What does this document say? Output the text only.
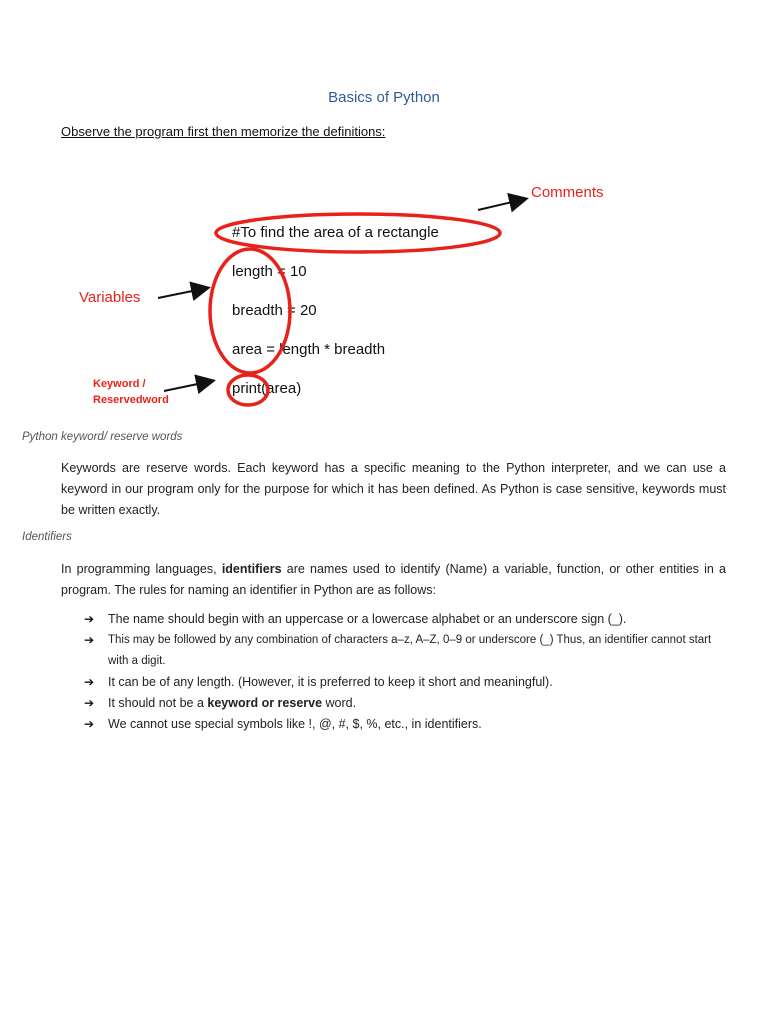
Basics of Python
Observe the program first then memorize the definitions:
#To find the area of a rectangle
length = 10
breadth = 20
area = length * breadth
print(area)
Comments
Variables
Keyword /
Reservedword
Python keyword/ reserve words
Keywords are reserve words. Each keyword has a specific meaning to the Python interpreter, and we can use a keyword in our program only for the purpose for which it has been defined. As Python is case sensitive, keywords must be written exactly.
Identifiers
In programming languages, identifiers are names used to identify (Name) a variable, function, or other entities in a program. The rules for naming an identifier in Python are as follows:
➔ The name should begin with an uppercase or a lowercase alphabet or an underscore sign (_).
➔ This may be followed by any combination of characters a–z, A–Z, 0–9 or underscore (_) Thus, an identifier cannot start with a digit.
➔ It can be of any length. (However, it is preferred to keep it short and meaningful).
➔ It should not be a keyword or reserve word.
➔ We cannot use special symbols like !, @, #, $, %, etc., in identifiers.
